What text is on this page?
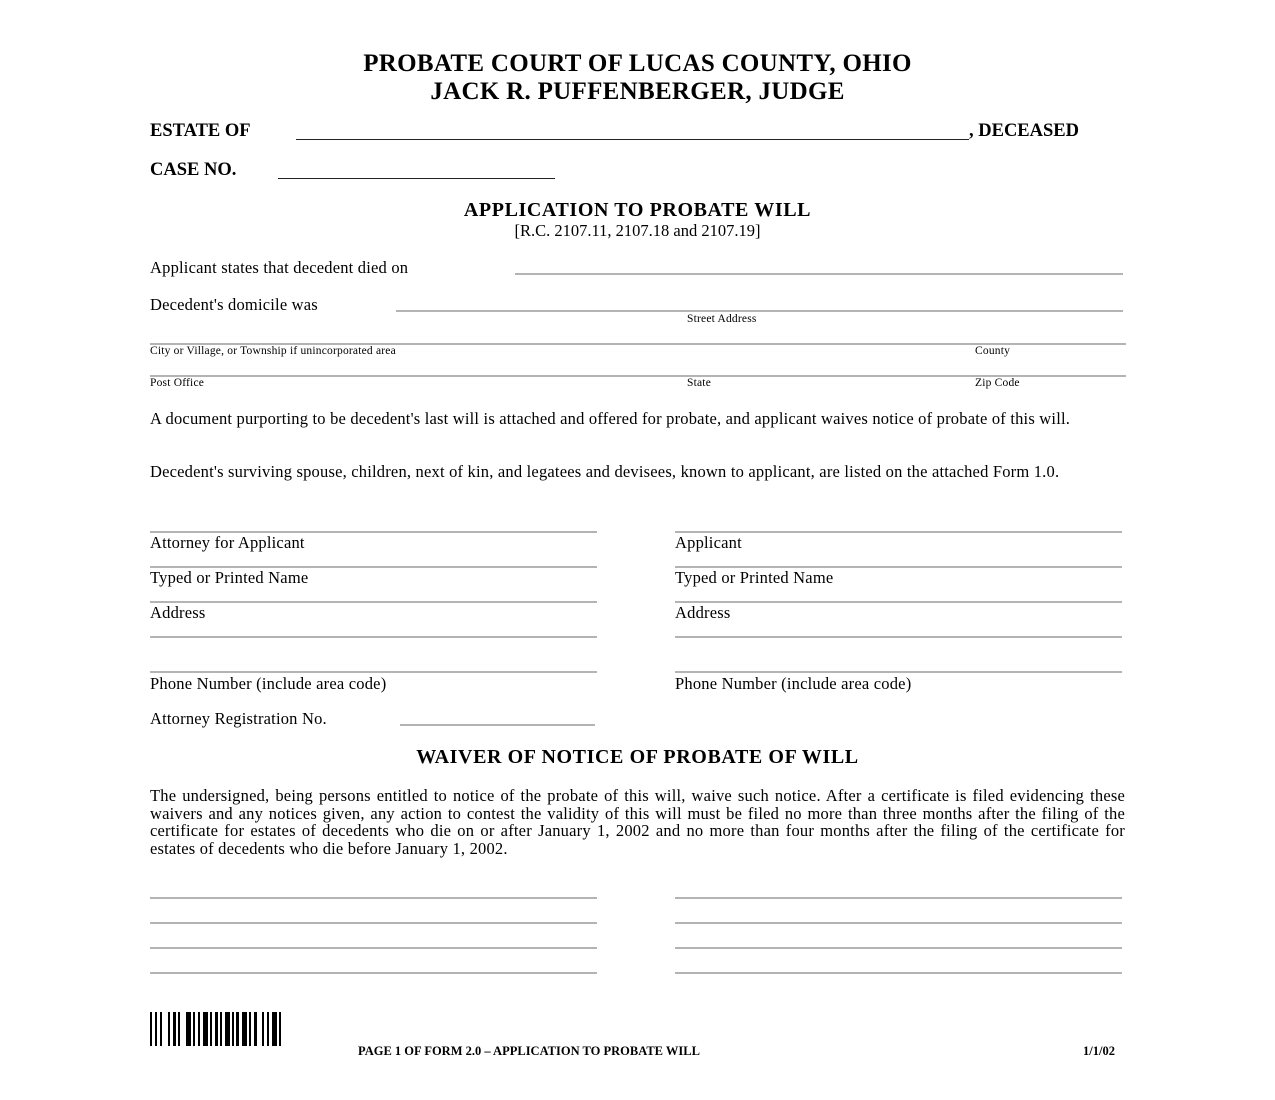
PROBATE COURT OF LUCAS COUNTY, OHIO
JACK R. PUFFENBERGER, JUDGE
ESTATE OF	, DECEASED
CASE NO.
APPLICATION TO PROBATE WILL
[R.C. 2107.11, 2107.18 and 2107.19]
Applicant states that decedent died on
Decedent's domicile was
Street Address
City or Village, or Township if unincorporated area	County
Post Office	State	Zip Code
A document purporting to be decedent's last will is attached and offered for probate, and applicant waives notice of probate of this will.
Decedent's surviving spouse, children, next of kin, and legatees and devisees, known to applicant, are listed on the attached Form 1.0.
Attorney for Applicant
Typed or Printed Name
Address
Phone Number (include area code)
Attorney Registration No.
Applicant
Typed or Printed Name
Address
Phone Number (include area code)
WAIVER OF NOTICE OF PROBATE OF WILL
The undersigned, being persons entitled to notice of the probate of this will, waive such notice. After a certificate is filed evidencing these waivers and any notices given, any action to contest the validity of this will must be filed no more than three months after the filing of the certificate for estates of decedents who die on or after January 1, 2002 and no more than four months after the filing of the certificate for estates of decedents who die before January 1, 2002.
PAGE 1 OF FORM 2.0 – APPLICATION TO PROBATE WILL	1/1/02
